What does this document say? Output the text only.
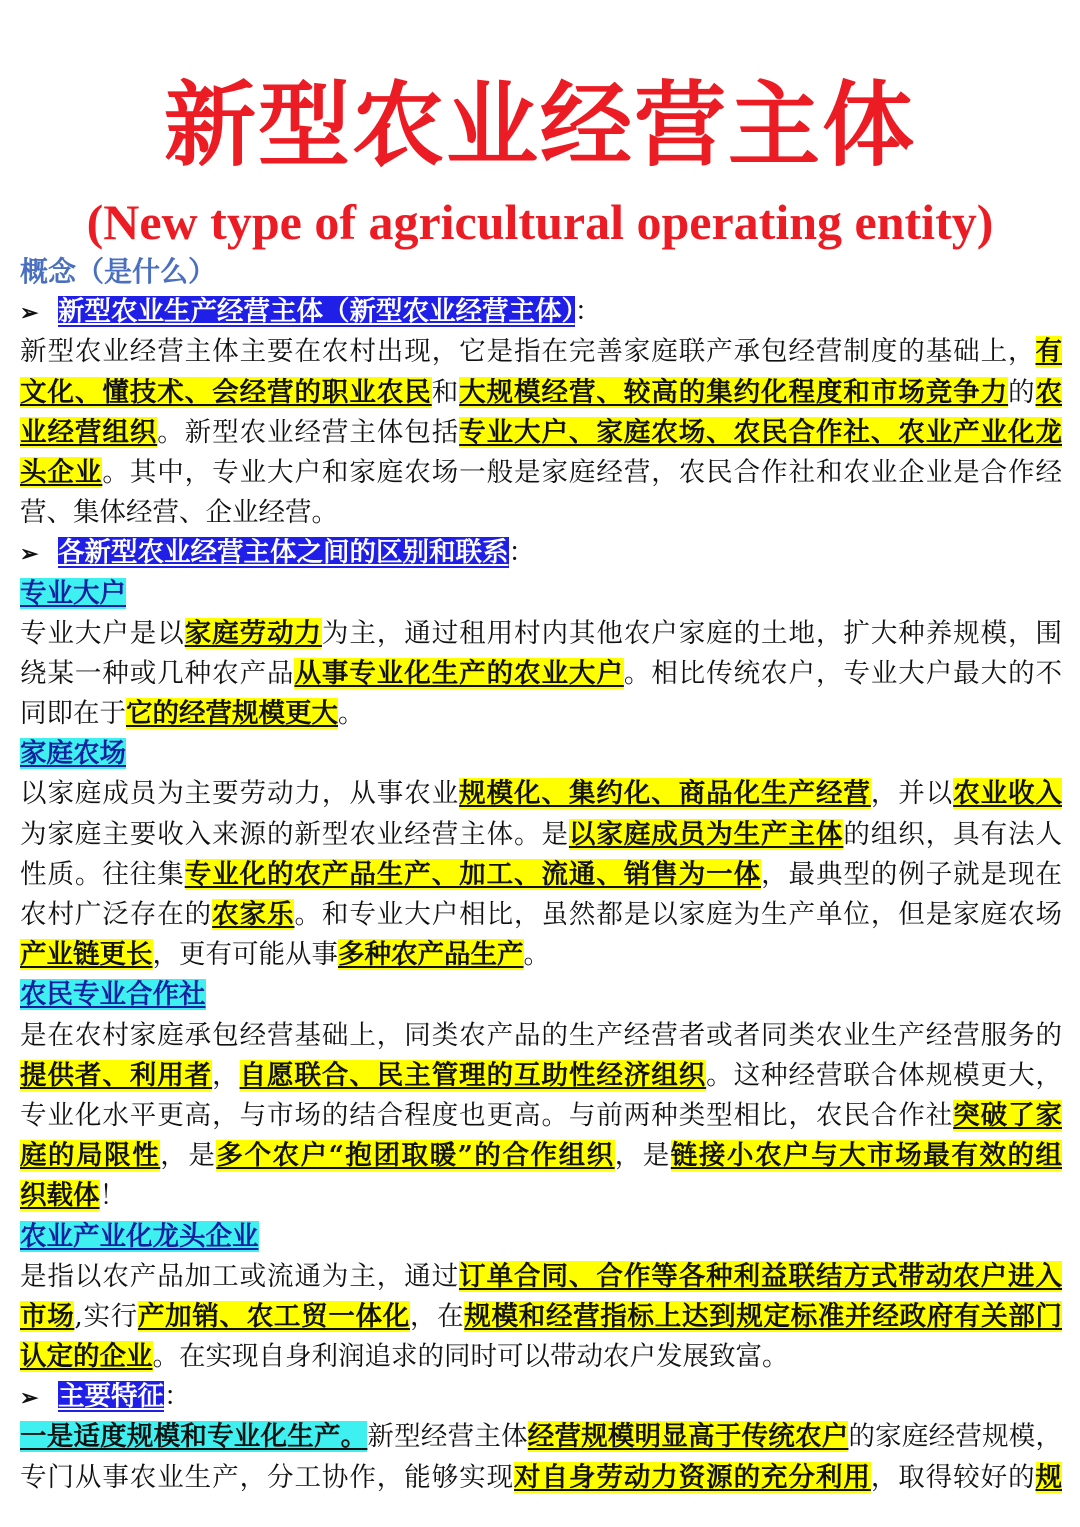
新型农业经营主体
(New type of agricultural operating entity)
概念（是什么）
➢ 新型农业生产经营主体（新型农业经营主体）：
新型农业经营主体主要在农村出现，它是指在完善家庭联产承包经营制度的基础上，有
文化、懂技术、会经营的职业农民和大规模经营、较高的集约化程度和市场竞争力的农
业经营组织。新型农业经营主体包括专业大户、家庭农场、农民合作社、农业产业化龙
头企业。其中，专业大户和家庭农场一般是家庭经营，农民合作社和农业企业是合作经
营、集体经营、企业经营。
➢ 各新型农业经营主体之间的区别和联系：
专业大户
专业大户是以家庭劳动力为主，通过租用村内其他农户家庭的土地，扩大种养规模，围
绕某一种或几种农产品从事专业化生产的农业大户。相比传统农户，专业大户最大的不
同即在于它的经营规模更大。
家庭农场
以家庭成员为主要劳动力，从事农业规模化、集约化、商品化生产经营，并以农业收入
为家庭主要收入来源的新型农业经营主体。是以家庭成员为生产主体的组织，具有法人
性质。往往集专业化的农产品生产、加工、流通、销售为一体，最典型的例子就是现在
农村广泛存在的农家乐。和专业大户相比，虽然都是以家庭为生产单位，但是家庭农场
产业链更长，更有可能从事多种农产品生产。
农民专业合作社
是在农村家庭承包经营基础上，同类农产品的生产经营者或者同类农业生产经营服务的
提供者、利用者，自愿联合、民主管理的互助性经济组织。这种经营联合体规模更大，
专业化水平更高，与市场的结合程度也更高。与前两种类型相比，农民合作社突破了家
庭的局限性，是多个农户“抱团取暖”的合作组织，是链接小农户与大市场最有效的组
织载体！
农业产业化龙头企业
是指以农产品加工或流通为主，通过订单合同、合作等各种利益联结方式带动农户进入
市场,实行产加销、农工贸一体化，在规模和经营指标上达到规定标准并经政府有关部门
认定的企业。在实现自身利润追求的同时可以带动农户发展致富。
➢ 主要特征：
一是适度规模和专业化生产。新型经营主体经营规模明显高于传统农户的家庭经营规模，
专门从事农业生产，分工协作，能够实现对自身劳动力资源的充分利用，取得较好的规
